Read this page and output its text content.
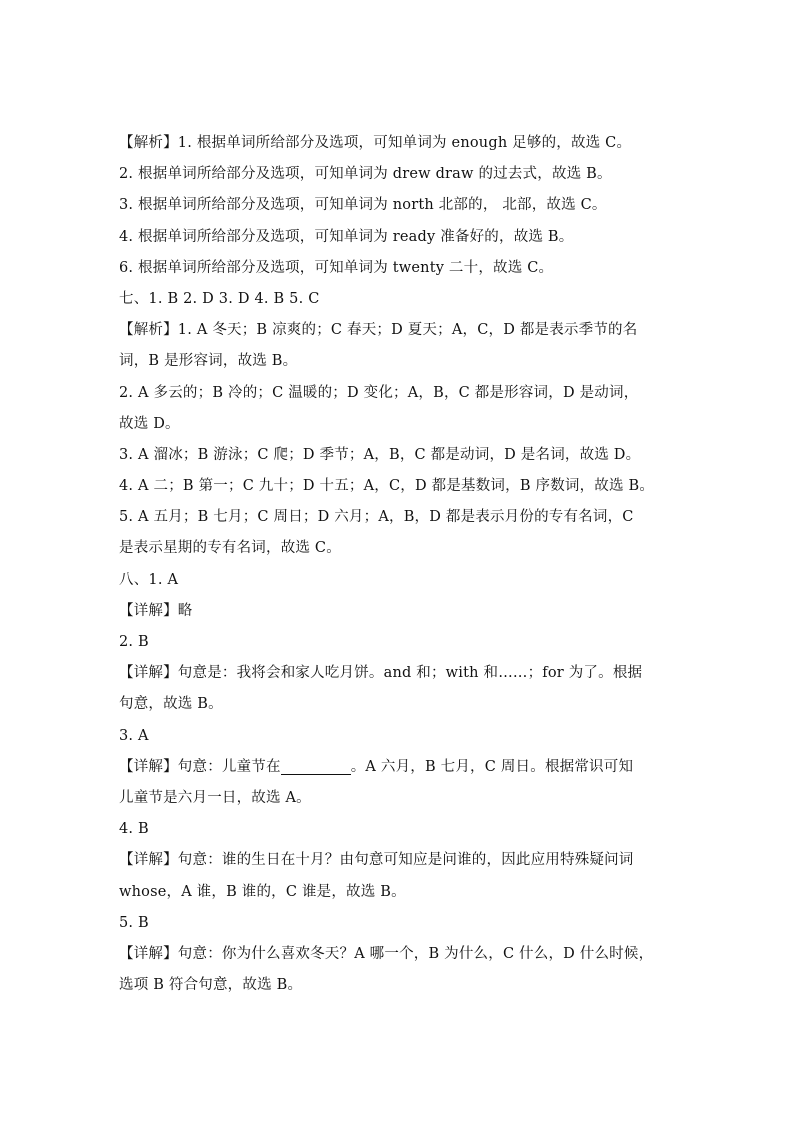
【解析】1. 根据单词所给部分及选项，可知单词为 enough 足够的，故选 C。
2. 根据单词所给部分及选项，可知单词为 drew draw 的过去式，故选 B。
3. 根据单词所给部分及选项，可知单词为 north 北部的， 北部，故选 C。
4. 根据单词所给部分及选项，可知单词为 ready 准备好的，故选 B。
6. 根据单词所给部分及选项，可知单词为 twenty 二十，故选 C。
七、1. B 2. D 3. D 4. B 5. C
【解析】1. A 冬天；B 凉爽的；C 春天；D 夏天；A，C，D 都是表示季节的名
词，B 是形容词，故选 B。
2. A 多云的；B 冷的；C 温暖的；D 变化；A，B，C 都是形容词，D 是动词，
故选 D。
3. A 溜冰；B 游泳；C 爬；D 季节；A，B，C 都是动词，D 是名词，故选 D。
4. A 二；B 第一；C 九十；D 十五；A，C，D 都是基数词，B 序数词，故选 B。
5. A 五月；B 七月；C 周日；D 六月；A，B，D 都是表示月份的专有名词，C
是表示星期的专有名词，故选 C。
八、1. A
【详解】略
2. B
【详解】句意是：我将会和家人吃月饼。and 和；with 和……；for 为了。根据
句意，故选 B。
3. A
【详解】句意：儿童节在	。A 六月，B 七月，C 周日。根据常识可知
儿童节是六月一日，故选 A。
4. B
【详解】句意：谁的生日在十月？由句意可知应是问谁的，因此应用特殊疑问词
whose，A 谁，B 谁的，C 谁是，故选 B。
5. B
【详解】句意：你为什么喜欢冬天？A 哪一个，B 为什么，C 什么，D 什么时候，
选项 B 符合句意，故选 B。
